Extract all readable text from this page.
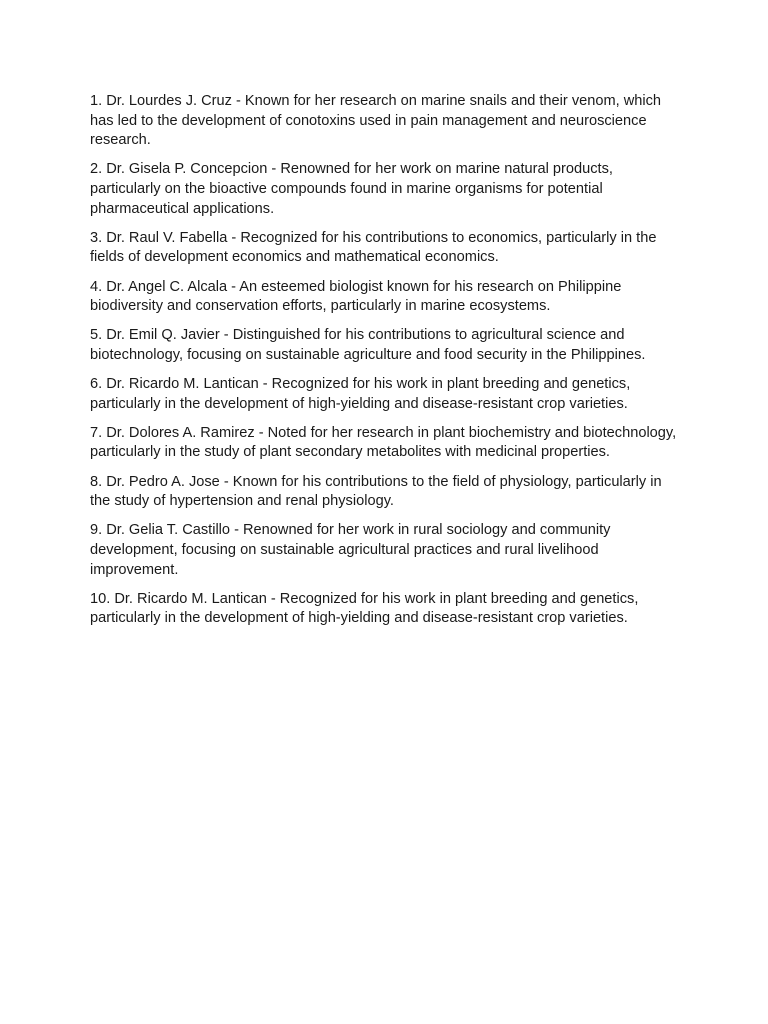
1. Dr. Lourdes J. Cruz - Known for her research on marine snails and their venom, which has led to the development of conotoxins used in pain management and neuroscience research.

2. Dr. Gisela P. Concepcion - Renowned for her work on marine natural products, particularly on the bioactive compounds found in marine organisms for potential pharmaceutical applications.

3. Dr. Raul V. Fabella - Recognized for his contributions to economics, particularly in the fields of development economics and mathematical economics.

4. Dr. Angel C. Alcala - An esteemed biologist known for his research on Philippine biodiversity and conservation efforts, particularly in marine ecosystems.

5. Dr. Emil Q. Javier - Distinguished for his contributions to agricultural science and biotechnology, focusing on sustainable agriculture and food security in the Philippines.

6. Dr. Ricardo M. Lantican - Recognized for his work in plant breeding and genetics, particularly in the development of high-yielding and disease-resistant crop varieties.

7. Dr. Dolores A. Ramirez - Noted for her research in plant biochemistry and biotechnology, particularly in the study of plant secondary metabolites with medicinal properties.

8. Dr. Pedro A. Jose - Known for his contributions to the field of physiology, particularly in the study of hypertension and renal physiology.

9. Dr. Gelia T. Castillo - Renowned for her work in rural sociology and community development, focusing on sustainable agricultural practices and rural livelihood improvement.

10. Dr. Ricardo M. Lantican - Recognized for his work in plant breeding and genetics, particularly in the development of high-yielding and disease-resistant crop varieties.
